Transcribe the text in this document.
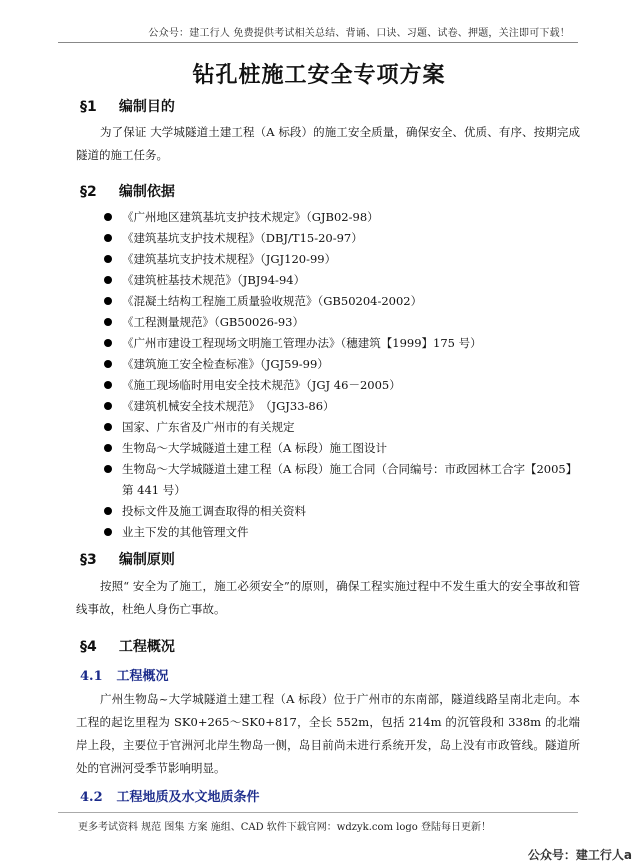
公众号：建工行人 免费提供考试相关总结、背诵、口诀、习题、试卷、押题，关注即可下载！
钻孔桩施工安全专项方案
§1 编制目的
为了保证 大学城隧道土建工程（A 标段）的施工安全质量，确保安全、优质、有序、按期完成隧道的施工任务。
§2 编制依据
《广州地区建筑基坑支护技术规定》（GJB02-98）
《建筑基坑支护技术规程》（DBJ/T15-20-97）
《建筑基坑支护技术规程》（JGJ120-99）
《建筑桩基技术规范》（JBJ94-94）
《混凝土结构工程施工质量验收规范》（GB50204-2002）
《工程测量规范》（GB50026-93）
《广州市建设工程现场文明施工管理办法》（穗建筑【1999】175 号）
《建筑施工安全检查标准》（JGJ59-99）
《施工现场临时用电安全技术规范》（JGJ 46－2005）
《建筑机械安全技术规范》　（JGJ33-86）
国家、广东省及广州市的有关规定
生物岛～大学城隧道土建工程（A 标段）施工图设计
生物岛～大学城隧道土建工程（A 标段）施工合同（合同编号：市政园林工合字【2005】第 441 号）
投标文件及施工调查取得的相关资料
业主下发的其他管理文件
§3 编制原则
按照“ 安全为了施工，施工必须安全”的原则，确保工程实施过程中不发生重大的安全事故和管线事故，杜绝人身伤亡事故。
§4 工程概况
4.1 工程概况
广州生物岛~大学城隧道土建工程（A 标段）位于广州市的东南部，隧道线路呈南北走向。本工程的起讫里程为 SK0+265～SK0+817，全长 552m，包括 214m 的沉管段和 338m 的北端岸上段，主要位于官洲河北岸生物岛一侧，岛目前尚未进行系统开发，岛上没有市政管线。隧道所处的官洲河受季节影响明显。
4.2 工程地质及水文地质条件
更多考试资料 规范 图集 方案 施组、CAD 软件下载官网：wdzyk.com logo 登陆每日更新！
公众号：建工行人a
